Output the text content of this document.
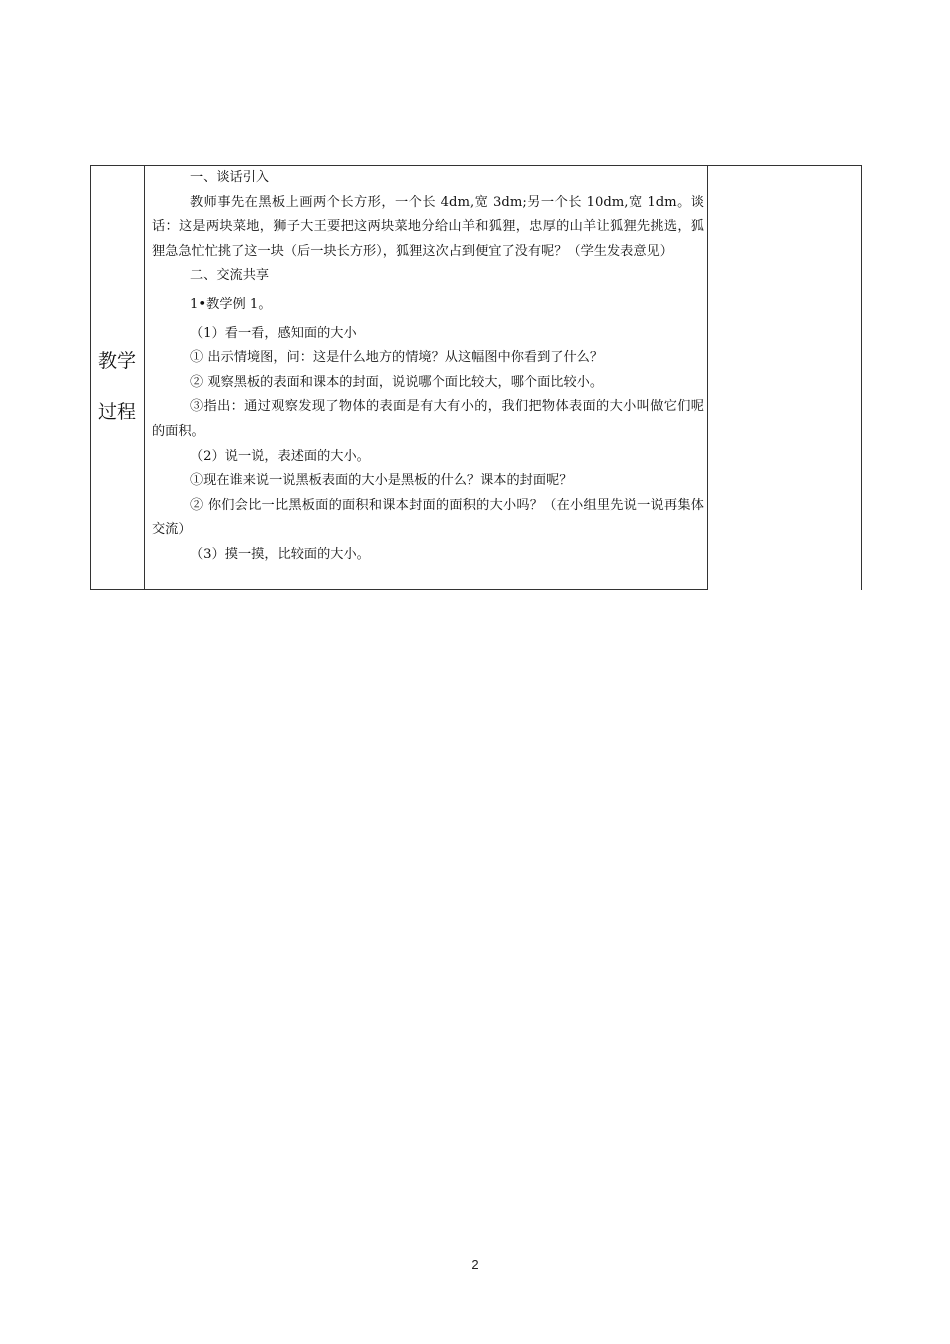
教学
过程

一、谈话引入

教师事先在黑板上画两个长方形，一个长 4dm,宽 3dm;另一个长 10dm,宽 1dm。谈话：这是两块菜地，狮子大王要把这两块菜地分给山羊和狐狸，忠厚的山羊让狐狸先挑选，狐狸急急忙忙挑了这一块（后一块长方形），狐狸这次占到便宜了没有呢？（学生发表意见）

二、交流共享

1•教学例 1。

（1）看一看，感知面的大小

① 出示情境图，问：这是什么地方的情境？从这幅图中你看到了什么？

② 观察黑板的表面和课本的封面，说说哪个面比较大，哪个面比较小。

③指出：通过观察发现了物体的表面是有大有小的，我们把物体表面的大小叫做它们呢的面积。

（2）说一说，表述面的大小。

①现在谁来说一说黑板表面的大小是黑板的什么？课本的封面呢？

② 你们会比一比黑板面的面积和课本封面的面积的大小吗？（在小组里先说一说再集体交流）

（3）摸一摸，比较面的大小。

2
